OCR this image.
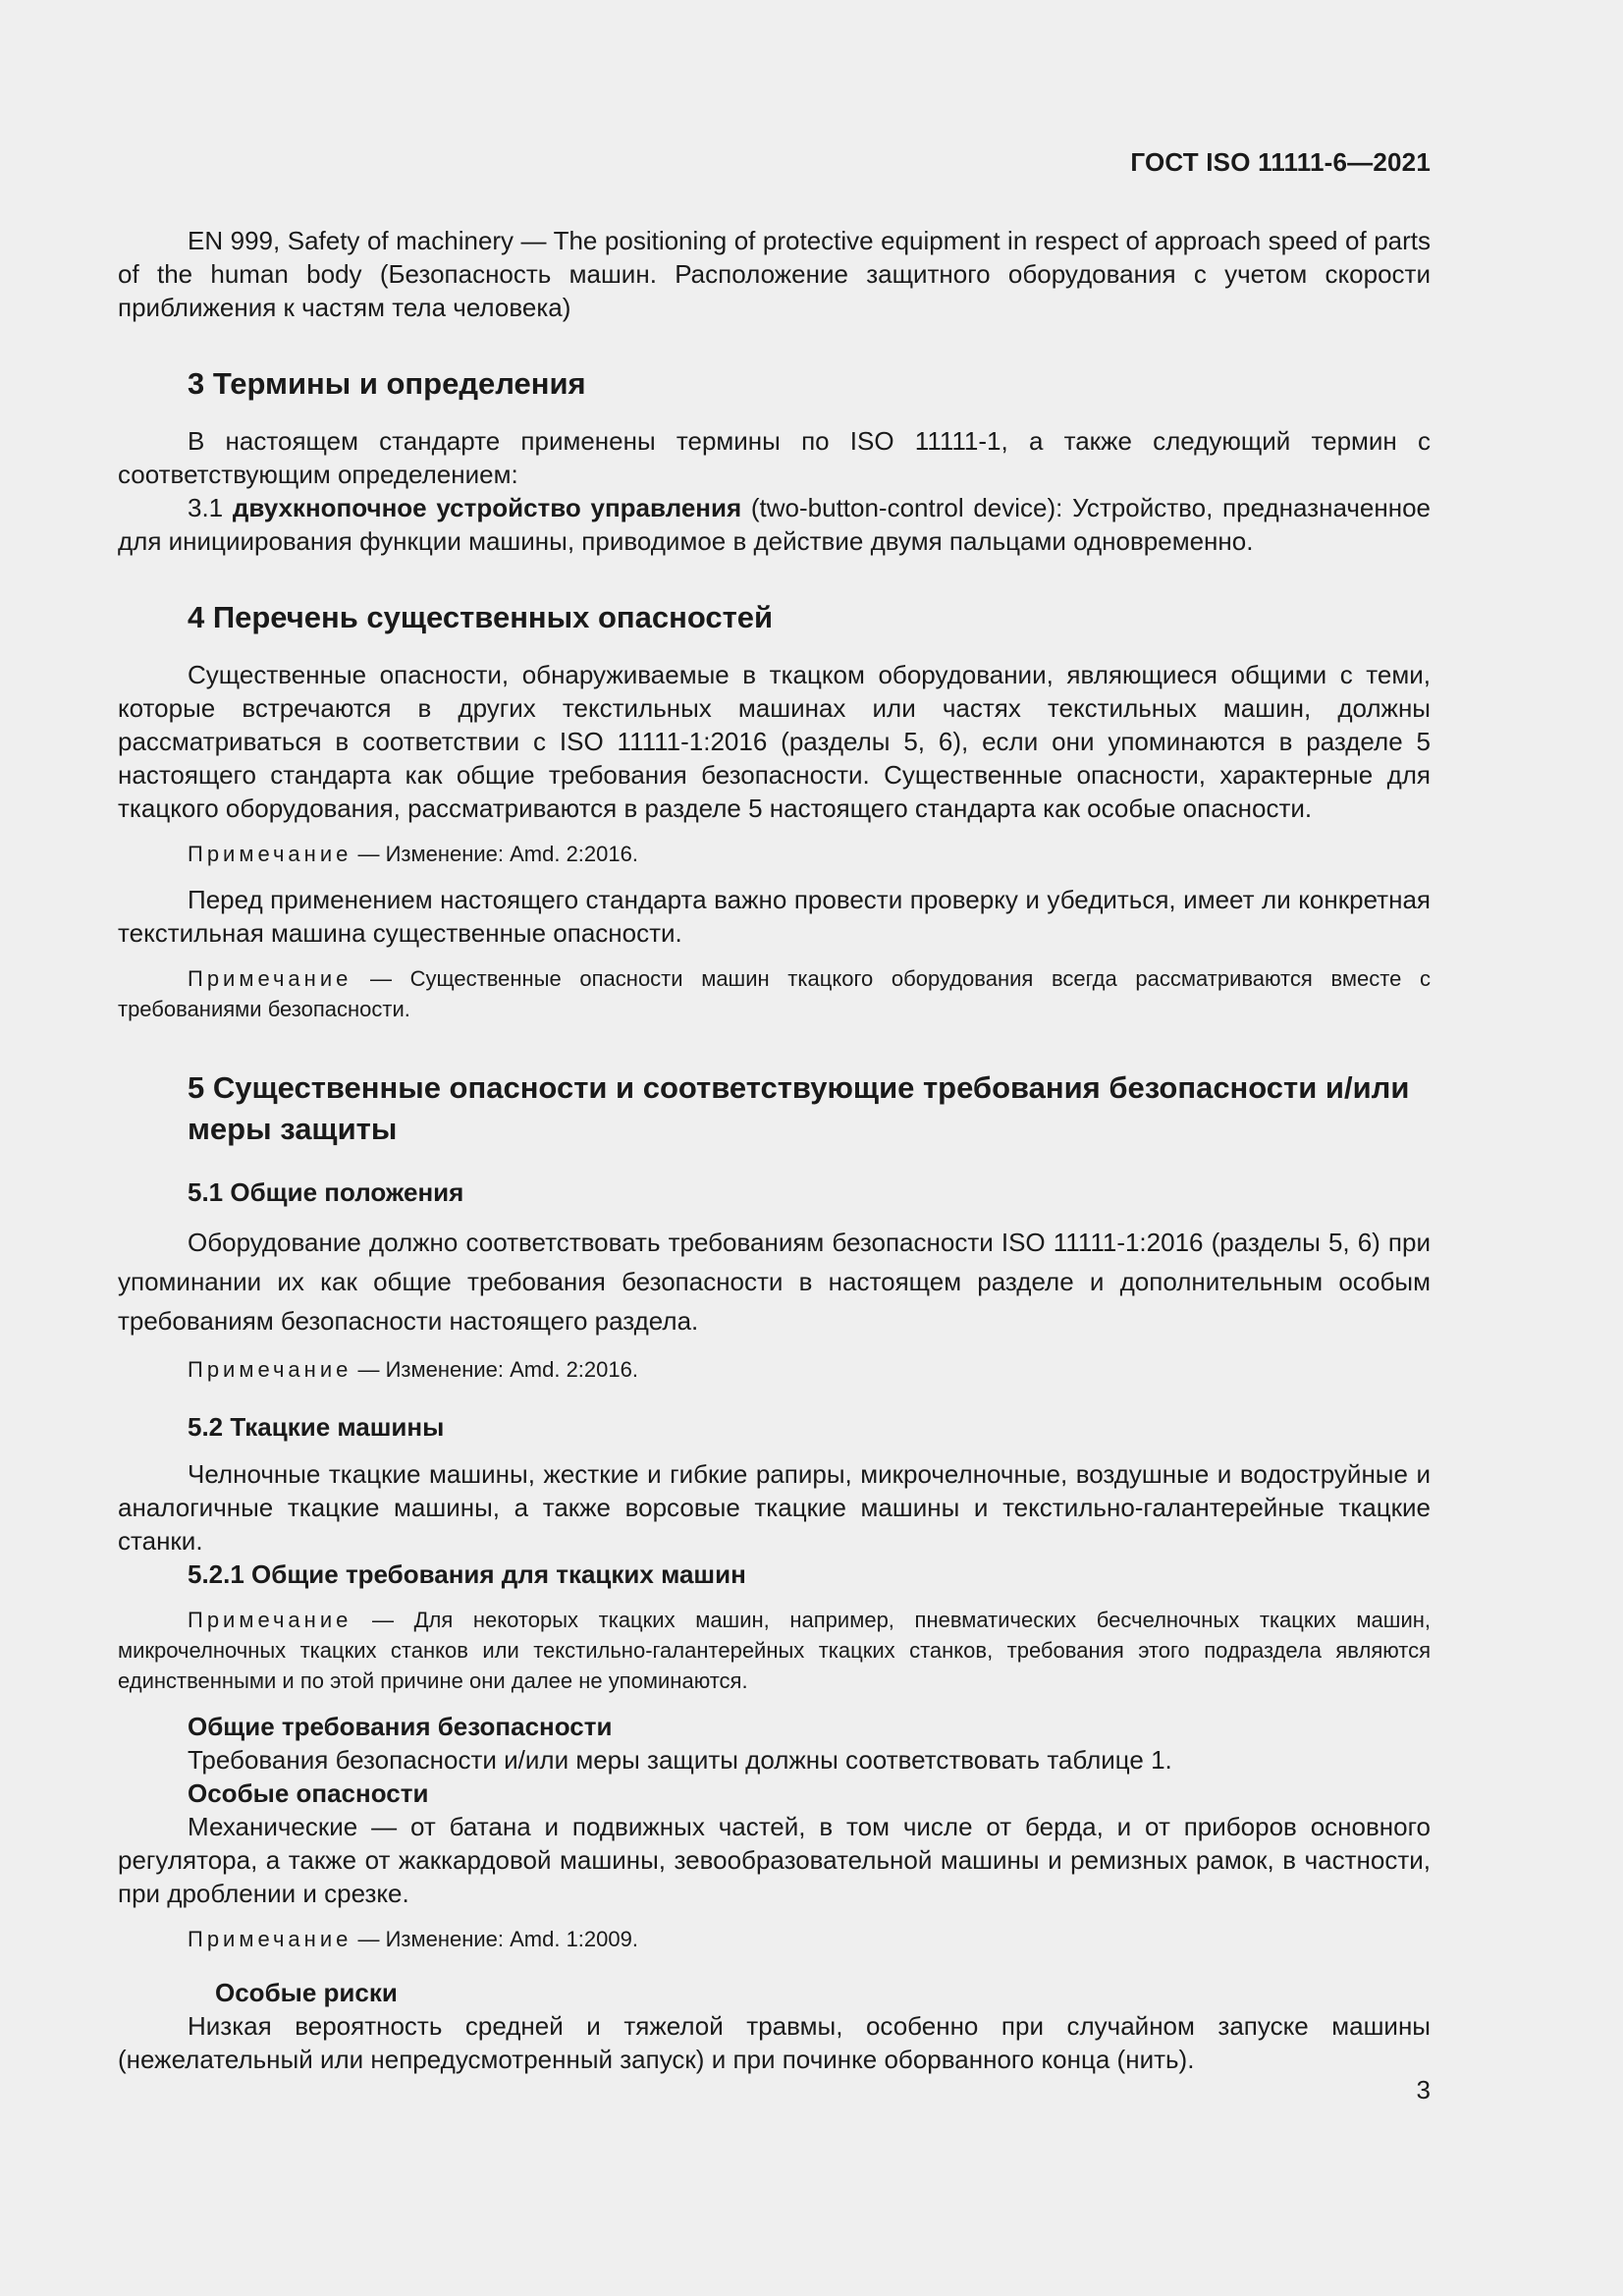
ГОСТ ISO 11111-6—2021

EN 999, Safety of machinery — The positioning of protective equipment in respect of approach speed of parts of the human body (Безопасность машин. Расположение защитного оборудования с учетом скорости приближения к частям тела человека)

3 Термины и определения

В настоящем стандарте применены термины по ISO 11111-1, а также следующий термин с соответствующим определением:

3.1 двухкнопочное устройство управления (two-button-control device): Устройство, предназначенное для инициирования функции машины, приводимое в действие двумя пальцами одновременно.

4 Перечень существенных опасностей

Существенные опасности, обнаруживаемые в ткацком оборудовании, являющиеся общими с теми, которые встречаются в других текстильных машинах или частях текстильных машин, должны рассматриваться в соответствии с ISO 11111-1:2016 (разделы 5, 6), если они упоминаются в разделе 5 настоящего стандарта как общие требования безопасности. Существенные опасности, характерные для ткацкого оборудования, рассматриваются в разделе 5 настоящего стандарта как особые опасности.

Примечание — Изменение: Amd. 2:2016.

Перед применением настоящего стандарта важно провести проверку и убедиться, имеет ли конкретная текстильная машина существенные опасности.

Примечание — Существенные опасности машин ткацкого оборудования всегда рассматриваются вместе с требованиями безопасности.
5 Существенные опасности и соответствующие требования безопасности и/или меры защиты
5.1 Общие положения

Оборудование должно соответствовать требованиям безопасности ISO 11111-1:2016 (разделы 5, 6) при упоминании их как общие требования безопасности в настоящем разделе и дополнительным особым требованиям безопасности настоящего раздела.

Примечание — Изменение: Amd. 2:2016.
5.2 Ткацкие машины

Челночные ткацкие машины, жесткие и гибкие рапиры, микрочелночные, воздушные и водоструйные и аналогичные ткацкие машины, а также ворсовые ткацкие машины и текстильно-галантерейные ткацкие станки.

5.2.1 Общие требования для ткацких машин
Примечание — Для некоторых ткацких машин, например, пневматических бесчелночных ткацких машин, микрочелночных ткацких станков или текстильно-галантерейных ткацких станков, требования этого подраздела являются единственными и по этой причине они далее не упоминаются.

Общие требования безопасности

Требования безопасности и/или меры защиты должны соответствовать таблице 1.

Особые опасности

Механические — от батана и подвижных частей, в том числе от берда, и от приборов основного регулятора, а также от жаккардовой машины, зевообразовательной машины и ремизных рамок, в частности, при дроблении и срезке.

Примечание — Изменение: Amd. 1:2009.

Особые риски

Низкая вероятность средней и тяжелой травмы, особенно при случайном запуске машины (нежелательный или непредусмотренный запуск) и при починке оборванного конца (нить).

3
